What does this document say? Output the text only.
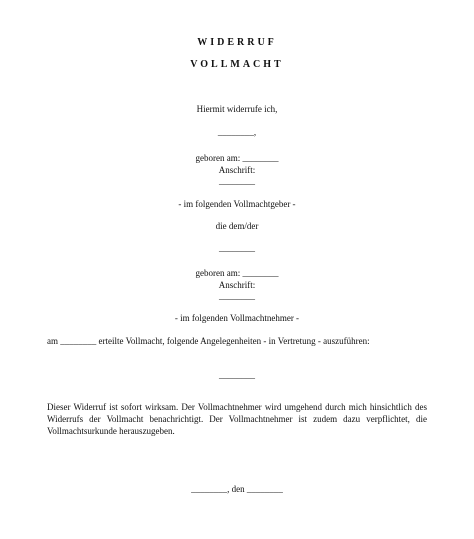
WIDERRUF
VOLLMACHT
Hiermit widerrufe ich,
________,
geboren am: ________
Anschrift:
________
- im folgenden Vollmachtgeber -
die dem/der
________
geboren am: ________
Anschrift:
________
- im folgenden Vollmachtnehmer -
am ________ erteilte Vollmacht, folgende Angelegenheiten - in Vertretung - auszuführen:
________
Dieser Widerruf ist sofort wirksam. Der Vollmachtnehmer wird umgehend durch mich hinsichtlich des Widerrufs der Vollmacht benachrichtigt. Der Vollmachtnehmer ist zudem dazu verpflichtet, die Vollmachtsurkunde herauszugeben.
________, den ________
